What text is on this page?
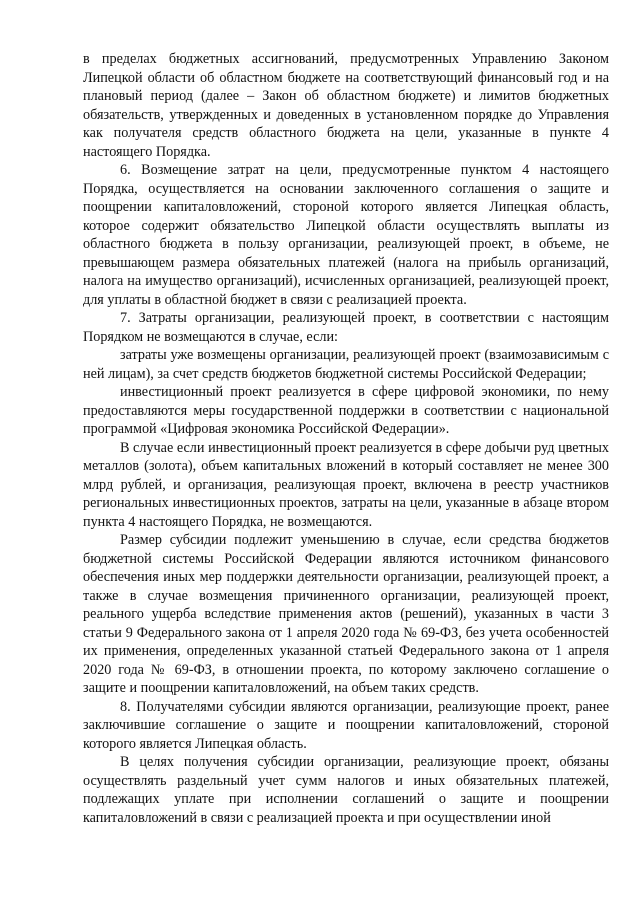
в пределах бюджетных ассигнований, предусмотренных Управлению Законом Липецкой области об областном бюджете на соответствующий финансовый год и на плановый период (далее – Закон об областном бюджете) и лимитов бюджетных обязательств, утвержденных и доведенных в установленном порядке до Управления как получателя средств областного бюджета на цели, указанные в пункте 4 настоящего Порядка.

6. Возмещение затрат на цели, предусмотренные пунктом 4 настоящего Порядка, осуществляется на основании заключенного соглашения о защите и поощрении капиталовложений, стороной которого является Липецкая область, которое содержит обязательство Липецкой области осуществлять выплаты из областного бюджета в пользу организации, реализующей проект, в объеме, не превышающем размера обязательных платежей (налога на прибыль организаций, налога на имущество организаций), исчисленных организацией, реализующей проект, для уплаты в областной бюджет в связи с реализацией проекта.

7. Затраты организации, реализующей проект, в соответствии с настоящим Порядком не возмещаются в случае, если:

затраты уже возмещены организации, реализующей проект (взаимозависимым с ней лицам), за счет средств бюджетов бюджетной системы Российской Федерации;

инвестиционный проект реализуется в сфере цифровой экономики, по нему предоставляются меры государственной поддержки в соответствии с национальной программой «Цифровая экономика Российской Федерации».

В случае если инвестиционный проект реализуется в сфере добычи руд цветных металлов (золота), объем капитальных вложений в который составляет не менее 300 млрд рублей, и организация, реализующая проект, включена в реестр участников региональных инвестиционных проектов, затраты на цели, указанные в абзаце втором пункта 4 настоящего Порядка, не возмещаются.

Размер субсидии подлежит уменьшению в случае, если средства бюджетов бюджетной системы Российской Федерации являются источником финансового обеспечения иных мер поддержки деятельности организации, реализующей проект, а также в случае возмещения причиненного организации, реализующей проект, реального ущерба вследствие применения актов (решений), указанных в части 3 статьи 9 Федерального закона от 1 апреля 2020 года № 69-ФЗ, без учета особенностей их применения, определенных указанной статьей Федерального закона от 1 апреля 2020 года № 69-ФЗ, в отношении проекта, по которому заключено соглашение о защите и поощрении капиталовложений, на объем таких средств.

8. Получателями субсидии являются организации, реализующие проект, ранее заключившие соглашение о защите и поощрении капиталовложений, стороной которого является Липецкая область.

В целях получения субсидии организации, реализующие проект, обязаны осуществлять раздельный учет сумм налогов и иных обязательных платежей, подлежащих уплате при исполнении соглашений о защите и поощрении капиталовложений в связи с реализацией проекта и при осуществлении иной
